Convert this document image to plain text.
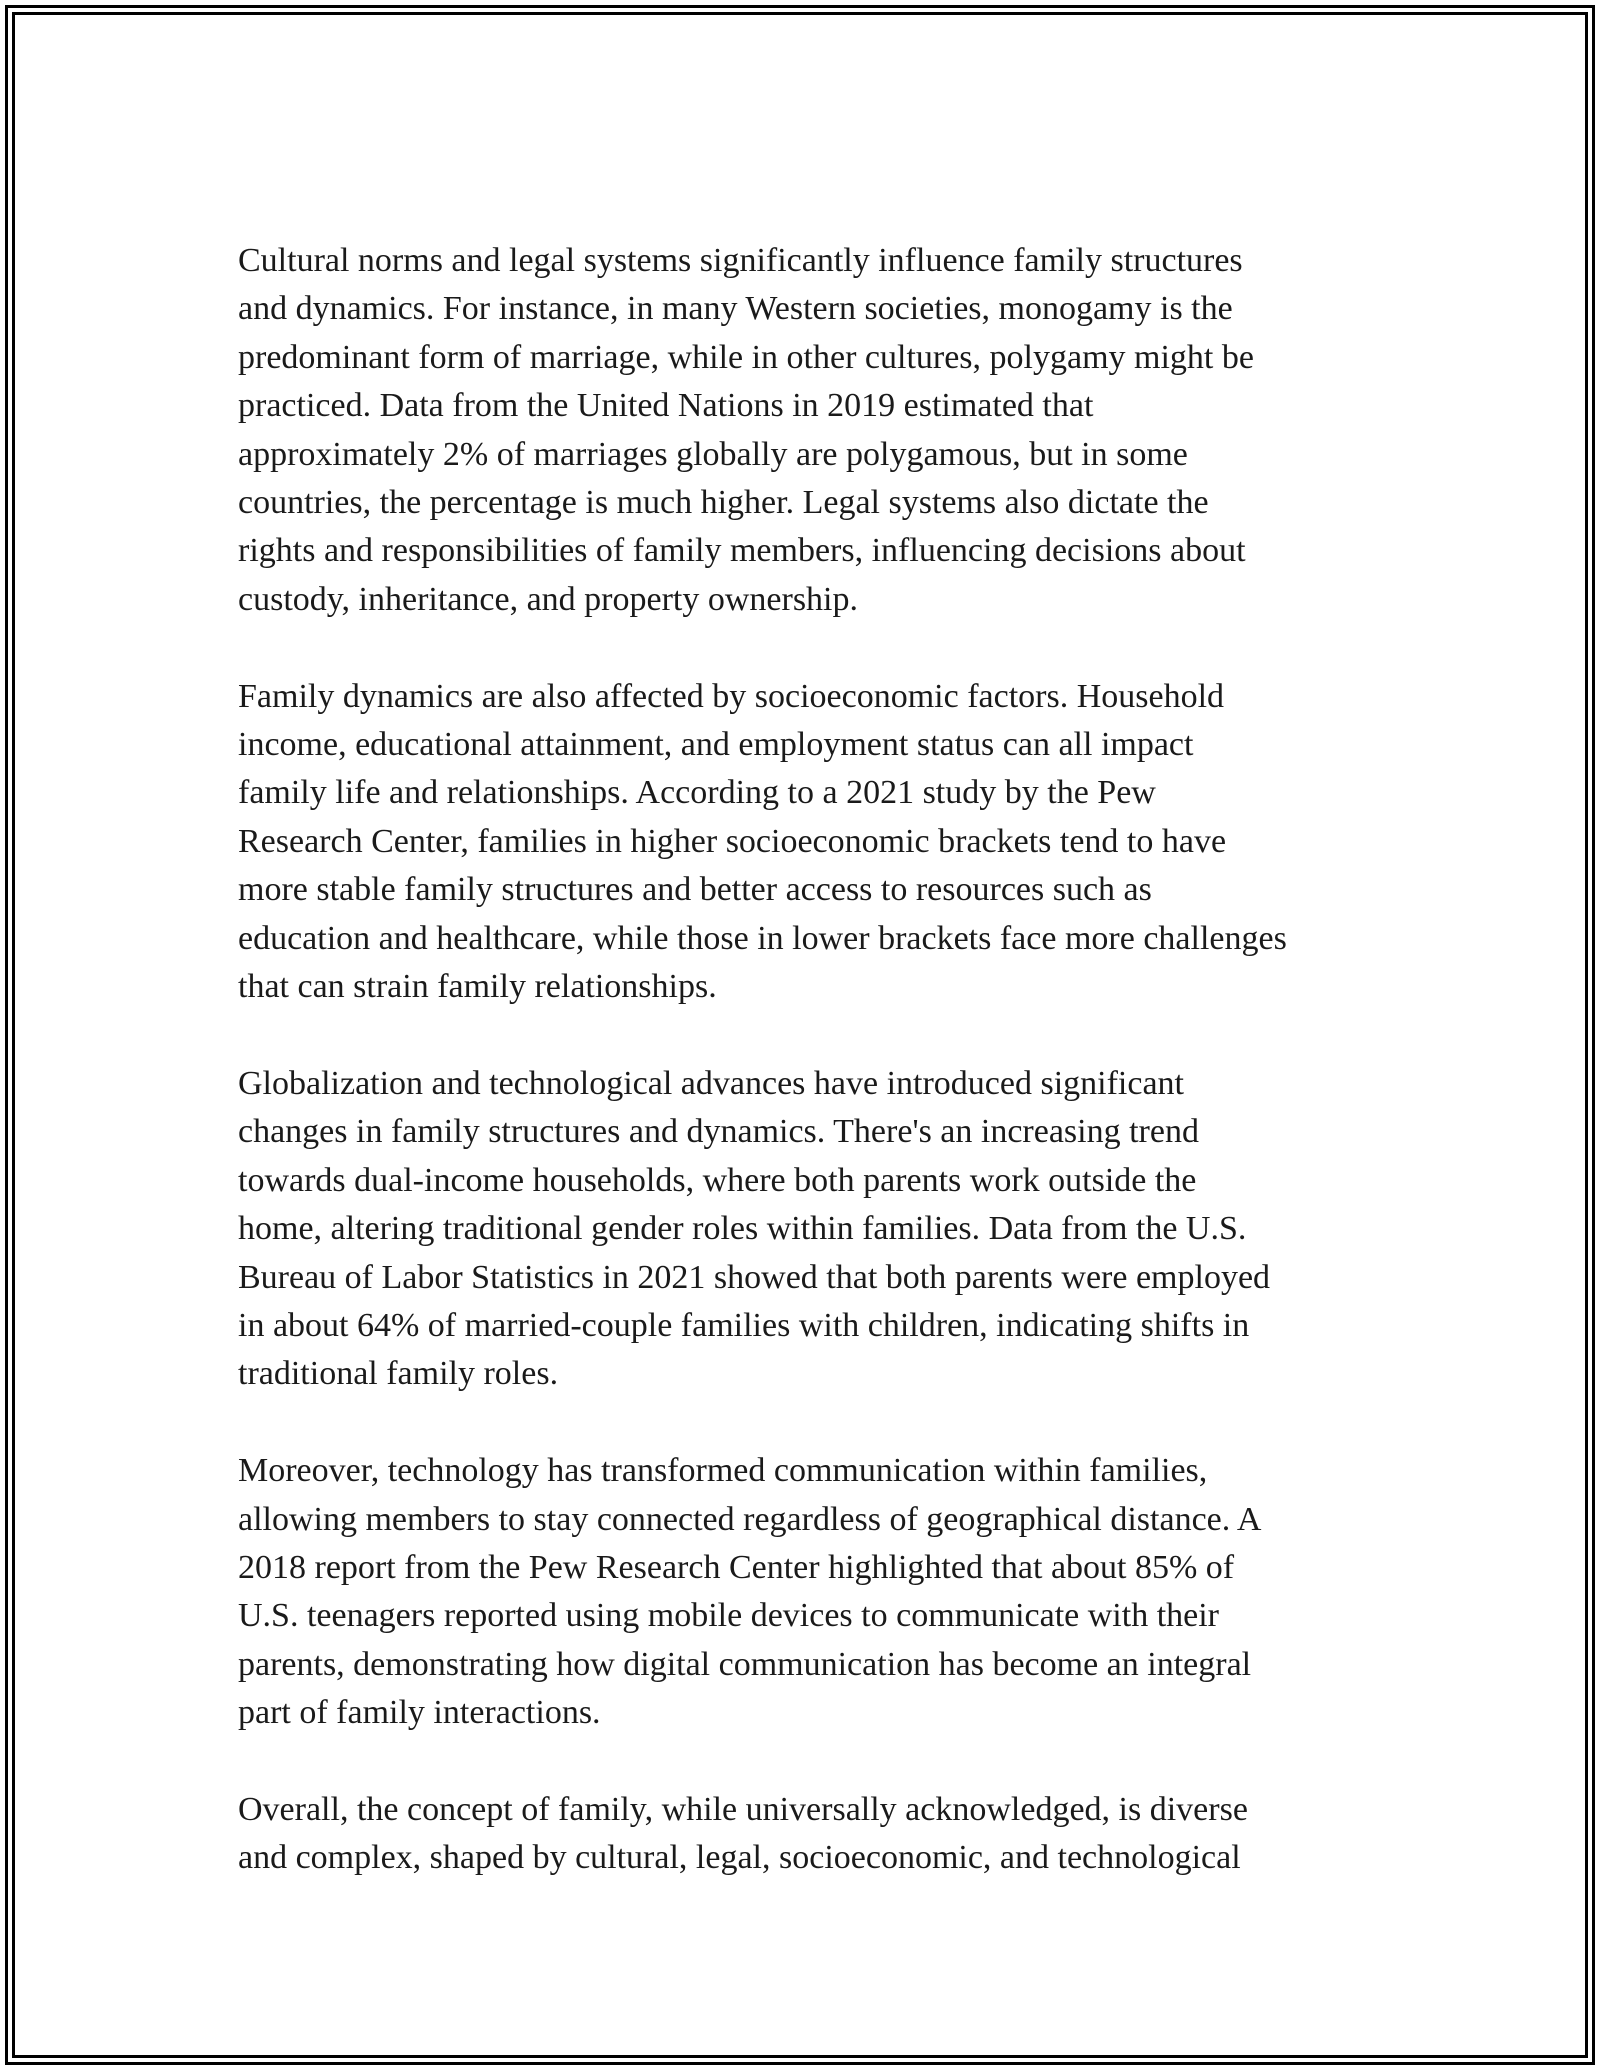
Cultural norms and legal systems significantly influence family structures
and dynamics. For instance, in many Western societies, monogamy is the
predominant form of marriage, while in other cultures, polygamy might be
practiced. Data from the United Nations in 2019 estimated that
approximately 2% of marriages globally are polygamous, but in some
countries, the percentage is much higher. Legal systems also dictate the
rights and responsibilities of family members, influencing decisions about
custody, inheritance, and property ownership.

Family dynamics are also affected by socioeconomic factors. Household
income, educational attainment, and employment status can all impact
family life and relationships. According to a 2021 study by the Pew
Research Center, families in higher socioeconomic brackets tend to have
more stable family structures and better access to resources such as
education and healthcare, while those in lower brackets face more challenges
that can strain family relationships.

Globalization and technological advances have introduced significant
changes in family structures and dynamics. There's an increasing trend
towards dual-income households, where both parents work outside the
home, altering traditional gender roles within families. Data from the U.S.
Bureau of Labor Statistics in 2021 showed that both parents were employed
in about 64% of married-couple families with children, indicating shifts in
traditional family roles.

Moreover, technology has transformed communication within families,
allowing members to stay connected regardless of geographical distance. A
2018 report from the Pew Research Center highlighted that about 85% of
U.S. teenagers reported using mobile devices to communicate with their
parents, demonstrating how digital communication has become an integral
part of family interactions.

Overall, the concept of family, while universally acknowledged, is diverse
and complex, shaped by cultural, legal, socioeconomic, and technological
